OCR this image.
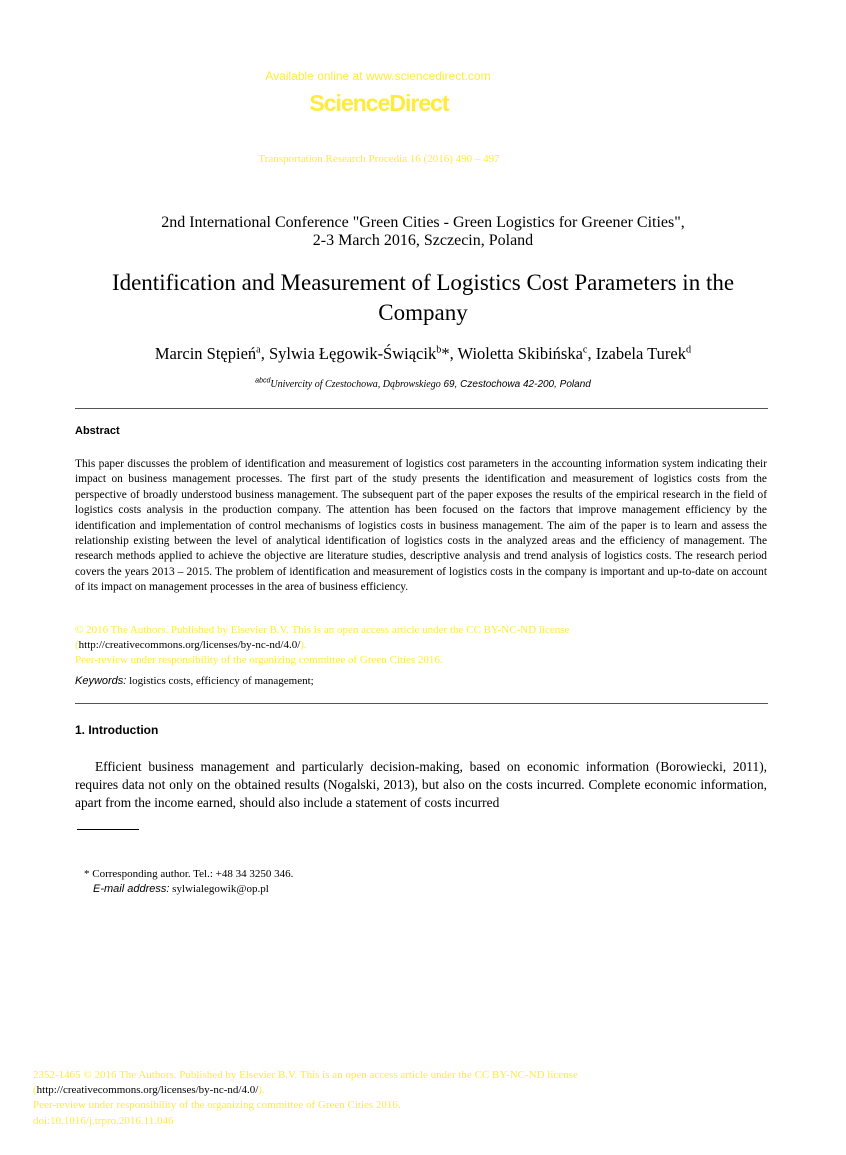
Available online at www.sciencedirect.com
ScienceDirect
Transportation Research Procedia 16 (2016) 490 – 497
2nd International Conference "Green Cities - Green Logistics for Greener Cities",
2-3 March 2016, Szczecin, Poland
Identification and Measurement of Logistics Cost Parameters in the
Company
Marcin Stępień$^a$, Sylwia Łęgowik-Świącik$^b$*, Wioletta Skibińska$^c$, Izabela Turek$^d$
$^{abcd}$Univercity of Czestochowa, Dąbrowskiego 69, Czestochowa 42-200, Poland
Abstract
This paper discusses the problem of identification and measurement of logistics cost parameters in the accounting information system indicating their impact on business management processes. The first part of the study presents the identification and measurement of logistics costs from the perspective of broadly understood business management. The subsequent part of the paper exposes the results of the empirical research in the field of logistics costs analysis in the production company. The attention has been focused on the factors that improve management efficiency by the identification and implementation of control mechanisms of logistics costs in business management. The aim of the paper is to learn and assess the relationship existing between the level of analytical identification of logistics costs in the analyzed areas and the efficiency of management. The research methods applied to achieve the objective are literature studies, descriptive analysis and trend analysis of logistics costs. The research period covers the years 2013 – 2015. The problem of identification and measurement of logistics costs in the company is important and up-to-date on account of its impact on management processes in the area of business efficiency.
© 2016 The Authors. Published by Elsevier B.V. This is an open access article under the CC BY-NC-ND license
(http://creativecommons.org/licenses/by-nc-nd/4.0/).
Peer-review under responsibility of the organizing committee of Green Cities 2016.
Keywords: logistics costs, efficiency of management;
1. Introduction
Efficient business management and particularly decision-making, based on economic information (Borowiecki, 2011), requires data not only on the obtained results (Nogalski, 2013), but also on the costs incurred. Complete economic information, apart from the income earned, should also include a statement of costs incurred
* Corresponding author. Tel.: +48 34 3250 346.
E-mail address: sylwialegowik@op.pl
2352-1465 © 2016 The Authors. Published by Elsevier B.V. This is an open access article under the CC BY-NC-ND license
(http://creativecommons.org/licenses/by-nc-nd/4.0/).
Peer-review under responsibility of the organizing committee of Green Cities 2016.
doi:10.1016/j.trpro.2016.11.046
